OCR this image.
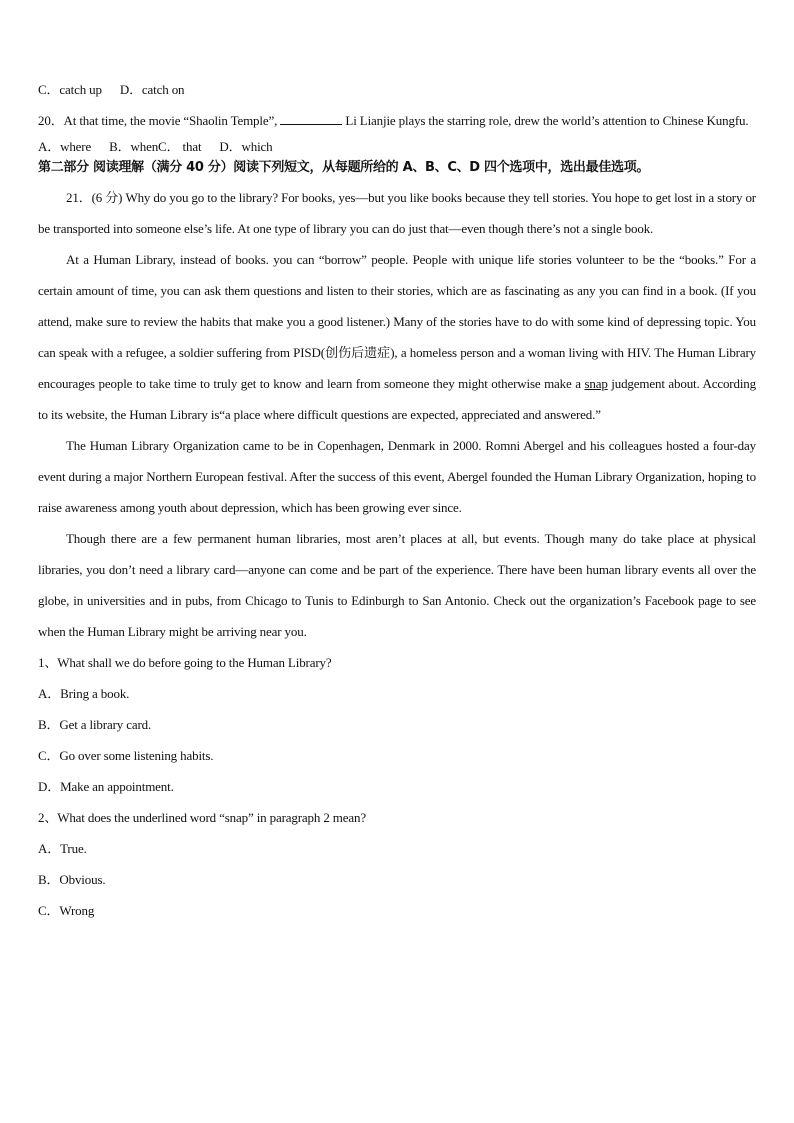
C．catch up D．catch on

20．At that time, the movie “Shaolin Temple”,	Li Lianjie plays the starring role, drew the world’s attention to Chinese Kungfu.

A．where B．whenC． that D．which

第二部分 阅读理解（满分 40 分）阅读下列短文，从每题所给的 A、B、C、D 四个选项中，选出最佳选项。

21．(6 分) Why do you go to the library? For books, yes—but you like books because they tell stories. You hope to get lost in a story or be transported into someone else’s life. At one type of library you can do just that—even though there’s not a single book.

At a Human Library, instead of books. you can “borrow” people. People with unique life stories volunteer to be the “books.” For a certain amount of time, you can ask them questions and listen to their stories, which are as fascinating as any you can find in a book. (If you attend, make sure to review the habits that make you a good listener.) Many of the stories have to do with some kind of depressing topic. You can speak with a refugee, a soldier suffering from PISD(创伤后遗症), a homeless person and a woman living with HIV. The Human Library encourages people to take time to truly get to know and learn from someone they might otherwise make a snap judgement about. According to its website, the Human Library is“a place where difficult questions are expected, appreciated and answered.”

The Human Library Organization came to be in Copenhagen, Denmark in 2000. Romni Abergel and his colleagues hosted a four-day event during a major Northern European festival. After the success of this event, Abergel founded the Human Library Organization, hoping to raise awareness among youth about depression, which has been growing ever since.

Though there are a few permanent human libraries, most aren’t places at all, but events. Though many do take place at physical libraries, you don’t need a library card—anyone can come and be part of the experience. There have been human library events all over the globe, in universities and in pubs, from Chicago to Tunis to Edinburgh to San Antonio. Check out the organization’s Facebook page to see when the Human Library might be arriving near you.

1、What shall we do before going to the Human Library?

A．Bring a book.

B．Get a library card.

C．Go over some listening habits.

D．Make an appointment.

2、What does the underlined word “snap” in paragraph 2 mean?

A．True.

B．Obvious.

C．Wrong
